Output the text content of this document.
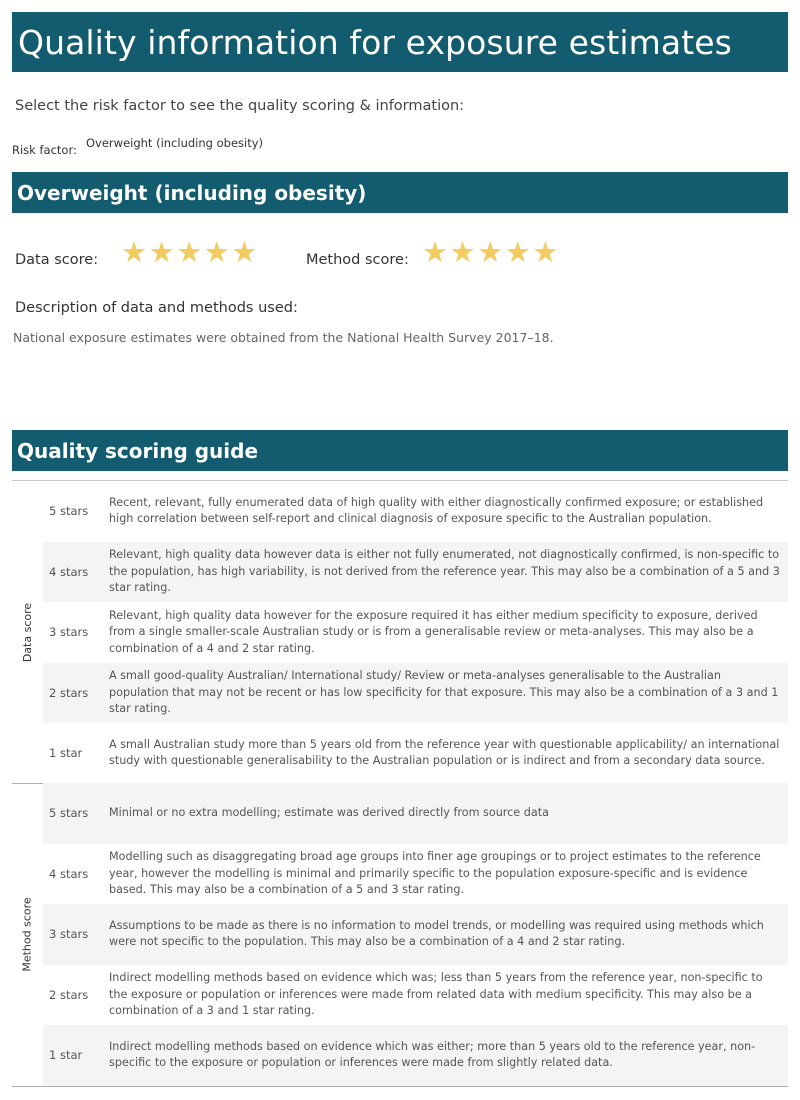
Quality information for exposure estimates
Select the risk factor to see the quality scoring & information:
Risk factor: Overweight (including obesity)
Overweight (including obesity)
Data score: ★ ★ ★ ★ ★	Method score: ★ ★ ★ ★ ★
Description of data and methods used:
National exposure estimates were obtained from the National Health Survey 2017–18.
Quality scoring guide
Data score
5 stars
Recent, relevant, fully enumerated data of high quality with either diagnostically confirmed exposure; or established high correlation between self-report and clinical diagnosis of exposure specific to the Australian population.
4 stars
Relevant, high quality data however data is either not fully enumerated, not diagnostically confirmed, is non-specific to the population, has high variability, is not derived from the reference year. This may also be a combination of a 5 and 3 star rating.
3 stars
Relevant, high quality data however for the exposure required it has either medium specificity to exposure, derived from a single smaller-scale Australian study or is from a generalisable review or meta-analyses. This may also be a combination of a 4 and 2 star rating.
2 stars
A small good-quality Australian/ International study/ Review or meta-analyses generalisable to the Australian population that may not be recent or has low specificity for that exposure. This may also be a combination of a 3 and 1 star rating.
1 star
A small Australian study more than 5 years old from the reference year with questionable applicability/ an international study with questionable generalisability to the Australian population or is indirect and from a secondary data source.
Method score
5 stars	Minimal or no extra modelling; estimate was derived directly from source data
4 stars
Modelling such as disaggregating broad age groups into finer age groupings or to project estimates to the reference year, however the modelling is minimal and primarily specific to the population exposure-specific and is evidence based. This may also be a combination of a 5 and 3 star rating.
3 stars
Assumptions to be made as there is no information to model trends, or modelling was required using methods which were not specific to the population. This may also be a combination of a 4 and 2 star rating.
2 stars
Indirect modelling methods based on evidence which was; less than 5 years from the reference year, non-specific to the exposure or population or inferences were made from related data with medium specificity. This may also be a combination of a 3 and 1 star rating.
1 star
Indirect modelling methods based on evidence which was either; more than 5 years old to the reference year, non-specific to the exposure or population or inferences were made from slightly related data.
